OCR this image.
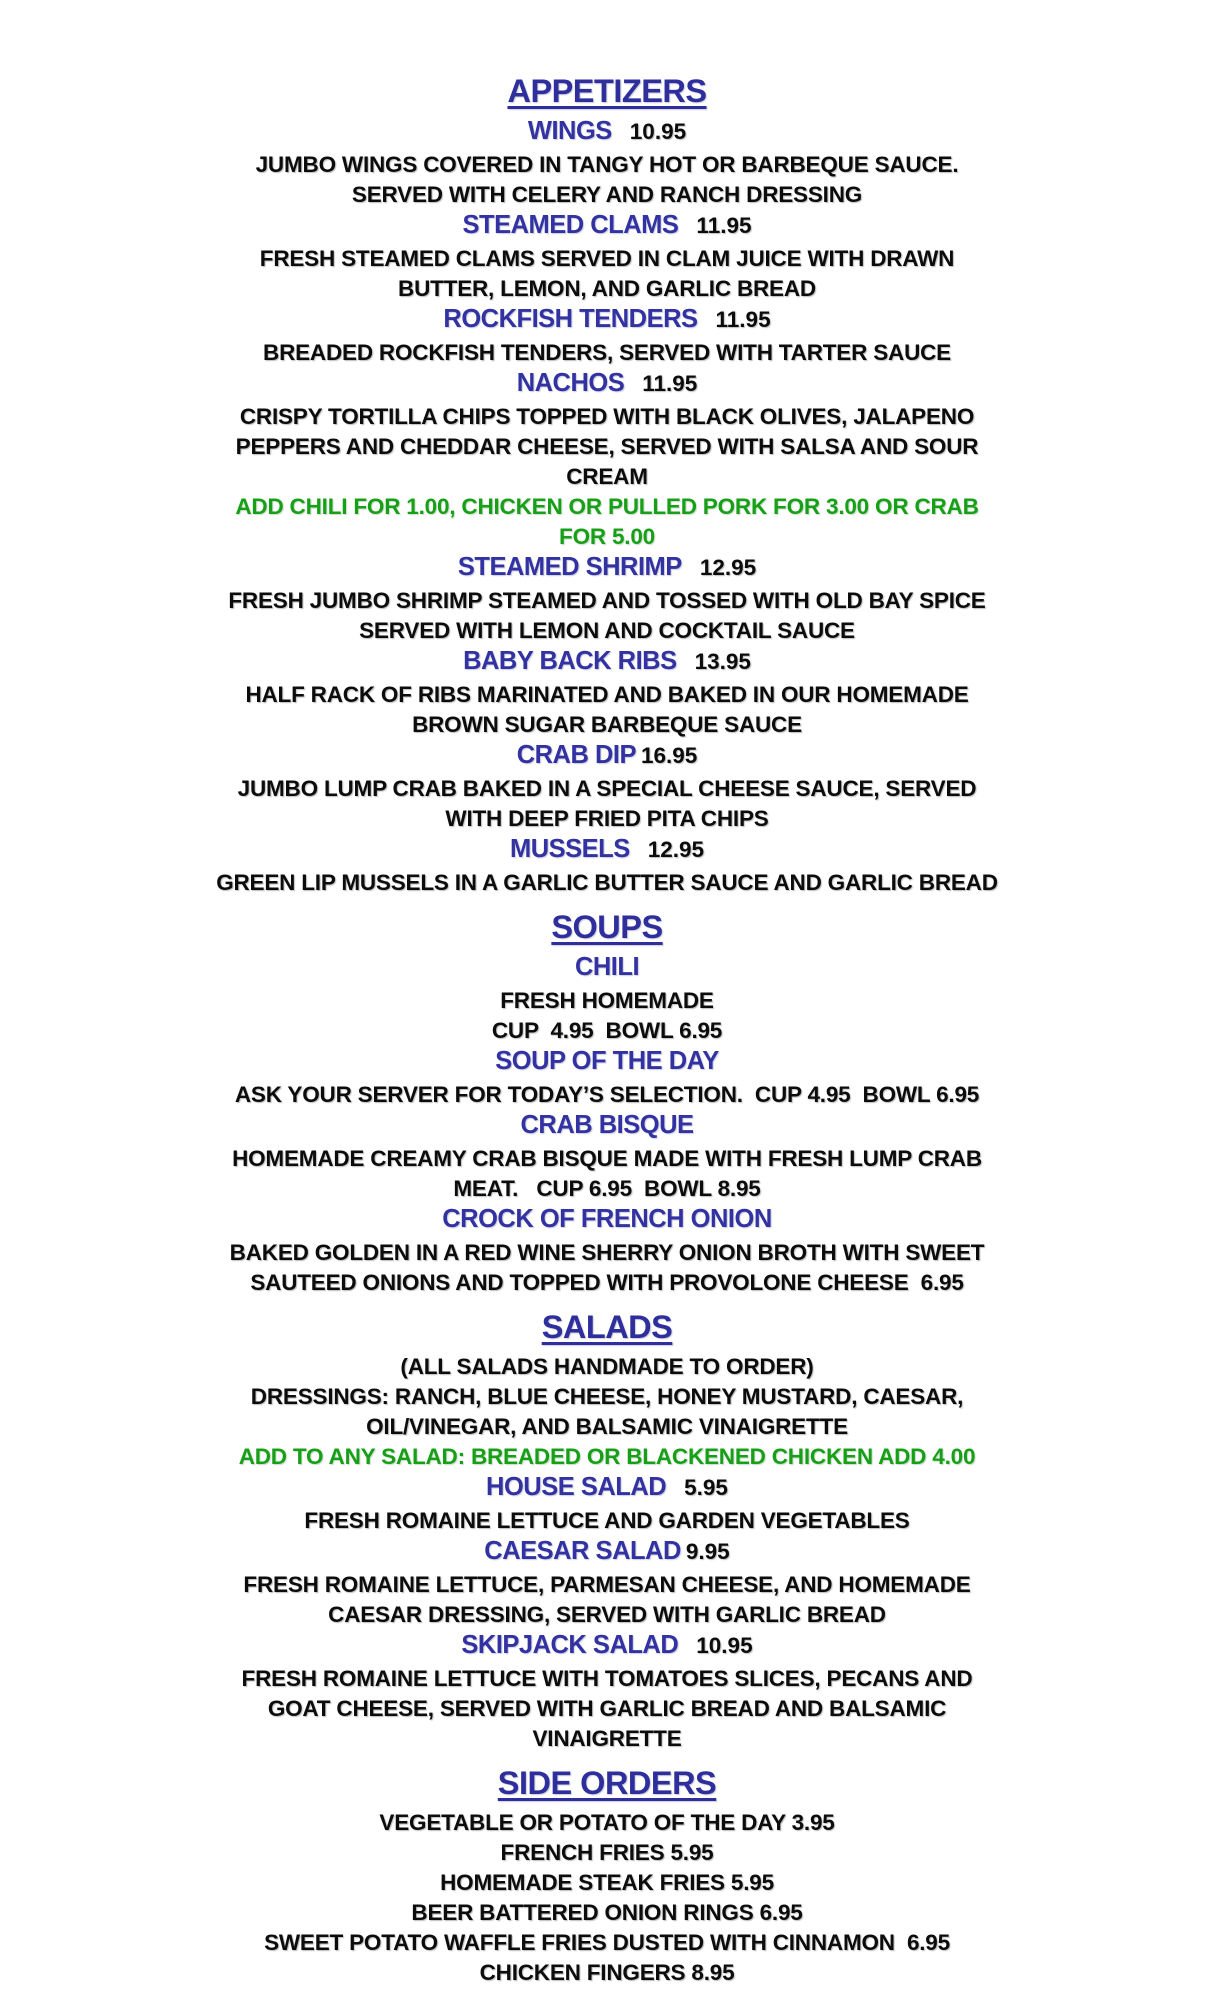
APPETIZERS
WINGS 10.95
JUMBO WINGS COVERED IN TANGY HOT OR BARBEQUE SAUCE.
SERVED WITH CELERY AND RANCH DRESSING
STEAMED CLAMS 11.95
FRESH STEAMED CLAMS SERVED IN CLAM JUICE WITH DRAWN
BUTTER, LEMON, AND GARLIC BREAD
ROCKFISH TENDERS 11.95
BREADED ROCKFISH TENDERS, SERVED WITH TARTER SAUCE
NACHOS 11.95
CRISPY TORTILLA CHIPS TOPPED WITH BLACK OLIVES, JALAPENO
PEPPERS AND CHEDDAR CHEESE, SERVED WITH SALSA AND SOUR
CREAM
ADD CHILI FOR 1.00, CHICKEN OR PULLED PORK FOR 3.00 OR CRAB
FOR 5.00
STEAMED SHRIMP 12.95
FRESH JUMBO SHRIMP STEAMED AND TOSSED WITH OLD BAY SPICE
SERVED WITH LEMON AND COCKTAIL SAUCE
BABY BACK RIBS 13.95
HALF RACK OF RIBS MARINATED AND BAKED IN OUR HOMEMADE
BROWN SUGAR BARBEQUE SAUCE
CRAB DIP 16.95
JUMBO LUMP CRAB BAKED IN A SPECIAL CHEESE SAUCE, SERVED
WITH DEEP FRIED PITA CHIPS
MUSSELS 12.95
GREEN LIP MUSSELS IN A GARLIC BUTTER SAUCE AND GARLIC BREAD
SOUPS
CHILI
FRESH HOMEMADE
CUP  4.95  BOWL 6.95
SOUP OF THE DAY
ASK YOUR SERVER FOR TODAY’S SELECTION.  CUP 4.95  BOWL 6.95
CRAB BISQUE
HOMEMADE CREAMY CRAB BISQUE MADE WITH FRESH LUMP CRAB
MEAT.   CUP 6.95  BOWL 8.95
CROCK OF FRENCH ONION
BAKED GOLDEN IN A RED WINE SHERRY ONION BROTH WITH SWEET
SAUTEED ONIONS AND TOPPED WITH PROVOLONE CHEESE  6.95
SALADS
(ALL SALADS HANDMADE TO ORDER)
DRESSINGS: RANCH, BLUE CHEESE, HONEY MUSTARD, CAESAR,
OIL/VINEGAR, AND BALSAMIC VINAIGRETTE
ADD TO ANY SALAD: BREADED OR BLACKENED CHICKEN ADD 4.00
HOUSE SALAD 5.95
FRESH ROMAINE LETTUCE AND GARDEN VEGETABLES
CAESAR SALAD 9.95
FRESH ROMAINE LETTUCE, PARMESAN CHEESE, AND HOMEMADE
CAESAR DRESSING, SERVED WITH GARLIC BREAD
SKIPJACK SALAD 10.95
FRESH ROMAINE LETTUCE WITH TOMATOES SLICES, PECANS AND
GOAT CHEESE, SERVED WITH GARLIC BREAD AND BALSAMIC
VINAIGRETTE
SIDE ORDERS
VEGETABLE OR POTATO OF THE DAY 3.95
FRENCH FRIES 5.95
HOMEMADE STEAK FRIES 5.95
BEER BATTERED ONION RINGS 6.95
SWEET POTATO WAFFLE FRIES DUSTED WITH CINNAMON  6.95
CHICKEN FINGERS 8.95
